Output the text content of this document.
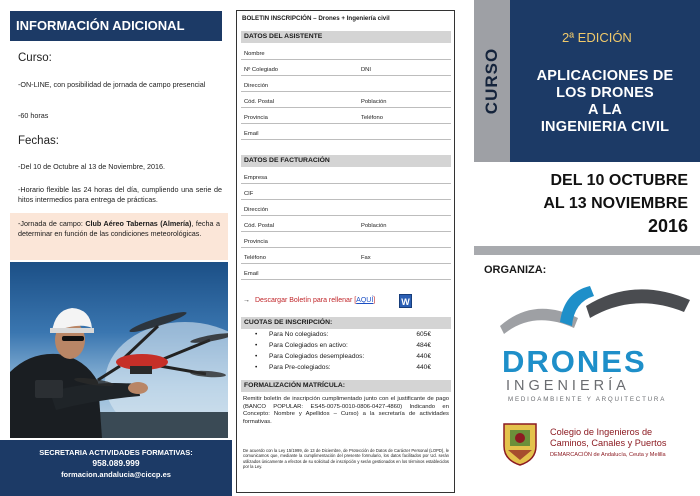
INFORMACIÓN ADICIONAL
Curso:
-ON-LINE, con posibilidad de jornada de campo presencial
-60 horas
Fechas:
-Del 10 de Octubre al 13 de Noviembre, 2016.
-Horario flexible las 24 horas del día, cumpliendo una serie de hitos intermedios para entrega de prácticas.
-Jornada de campo: Club Aéreo Tabernas (Almería), fecha a determinar en función de las condiciones meteorológicas.
SECRETARIA ACTIVIDADES FORMATIVAS:
958.089.999
formacion.andalucia@ciccp.es
BOLETIN INSCRIPCIÓN – Drones + Ingeniería civil
DATOS DEL ASISTENTE
Nombre
Nº Colegiado	DNI
Dirección
Cód. Postal	Población
Provincia	Teléfono
Email
DATOS DE FACTURACIÓN
Empresa
CIF
Dirección
Cód. Postal	Población
Provincia
Teléfono	Fax
Email
→ Descargar Boletín para rellenar [AQUÍ]	W
CUOTAS DE INSCRIPCIÓN:
• Para No colegiados:	605€
• Para Colegiados en activo:	484€
• Para Colegiados desempleados:	440€
• Para Pre-colegiados:	440€
FORMALIZACIÓN MATRÍCULA:
Remitir boletín de inscripción cumplimentado junto con el justificante de pago (BANCO POPULAR: ES45-0075-0010-0806-0427-4860) Indicando en Concepto: Nombre y Apellidos – Curso) a la secretaría de actividades formativas.
De acuerdo con la Ley 15/1999, de 13 de Diciembre, de Protección de Datos de Carácter Personal (LOPD), le comunicamos que, mediante la cumplimentación del presente formulario, los datos facilitados por Ud. serán utilizados únicamente a efectos de su solicitud de inscripción y serán gestionados en los términos establecidos por la Ley.
CURSO
2ª EDICIÓN
APLICACIONES DE
LOS DRONES
A LA
INGENIERIA CIVIL
DEL 10 OCTUBRE
AL 13 NOVIEMBRE
2016
ORGANIZA:
DRONES
INGENIERÍA
MEDIOAMBIENTE Y ARQUITECTURA
Colegio de Ingenieros de
Caminos, Canales y Puertos
DEMARCACIÓN de Andalucía, Ceuta y Melilla
